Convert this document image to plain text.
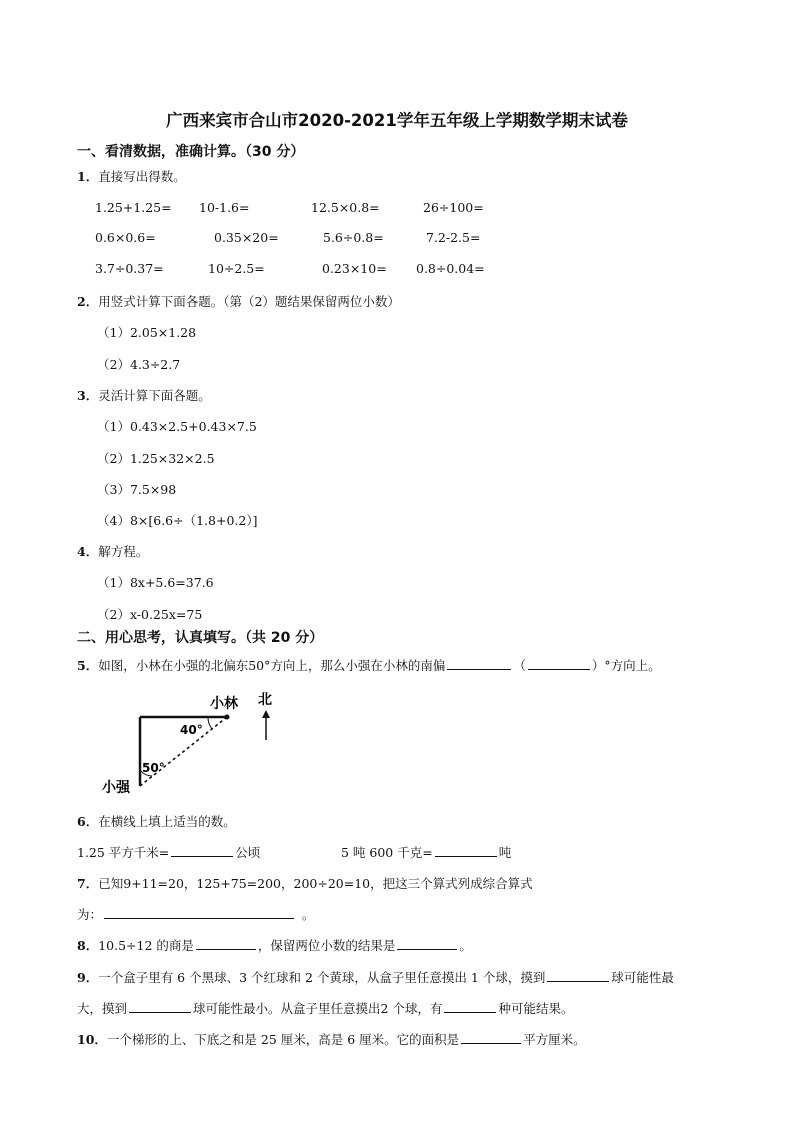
广西来宾市合山市2020-2021学年五年级上学期数学期末试卷
一、看清数据，准确计算。（30 分）
1．直接写出得数。
1.25+1.25= 10-1.6=	12.5×0.8=	26÷100=
0.6×0.6=	0.35×20=	5.6÷0.8=	7.2-2.5=
3.7÷0.37=	10÷2.5=	0.23×10= 0.8÷0.04=
2．用竖式计算下面各题。（第（2）题结果保留两位小数）
（1）2.05×1.28
（2）4.3÷2.7
3．灵活计算下面各题。
（1）0.43×2.5+0.43×7.5
（2）1.25×32×2.5
（3）7.5×98
（4）8×[6.6÷（1.8+0.2）]
4．解方程。
（1）8x+5.6=37.6
（2）x-0.25x=75
二、用心思考，认真填写。（共 20 分）
5．如图，小林在小强的北偏东50°方向上，那么小强在小林的南偏	（	）°方向上。
40°
50°
小林
小强
北
6．在横线上填上适当的数。
1.25 平方千米=	公顷	5 吨 600 千克=	吨
7．已知9+11=20，125+75=200，200÷20=10，把这三个算式列成综合算式
为：	。
8．10.5÷12 的商是	，保留两位小数的结果是	。
9．一个盒子里有 6 个黑球、3 个红球和 2 个黄球，从盒子里任意摸出 1 个球，摸到	球可能性最
大，摸到	球可能性最小。从盒子里任意摸出2 个球，有	种可能结果。
10．一个梯形的上、下底之和是 25 厘米，高是 6 厘米。它的面积是	平方厘米。
